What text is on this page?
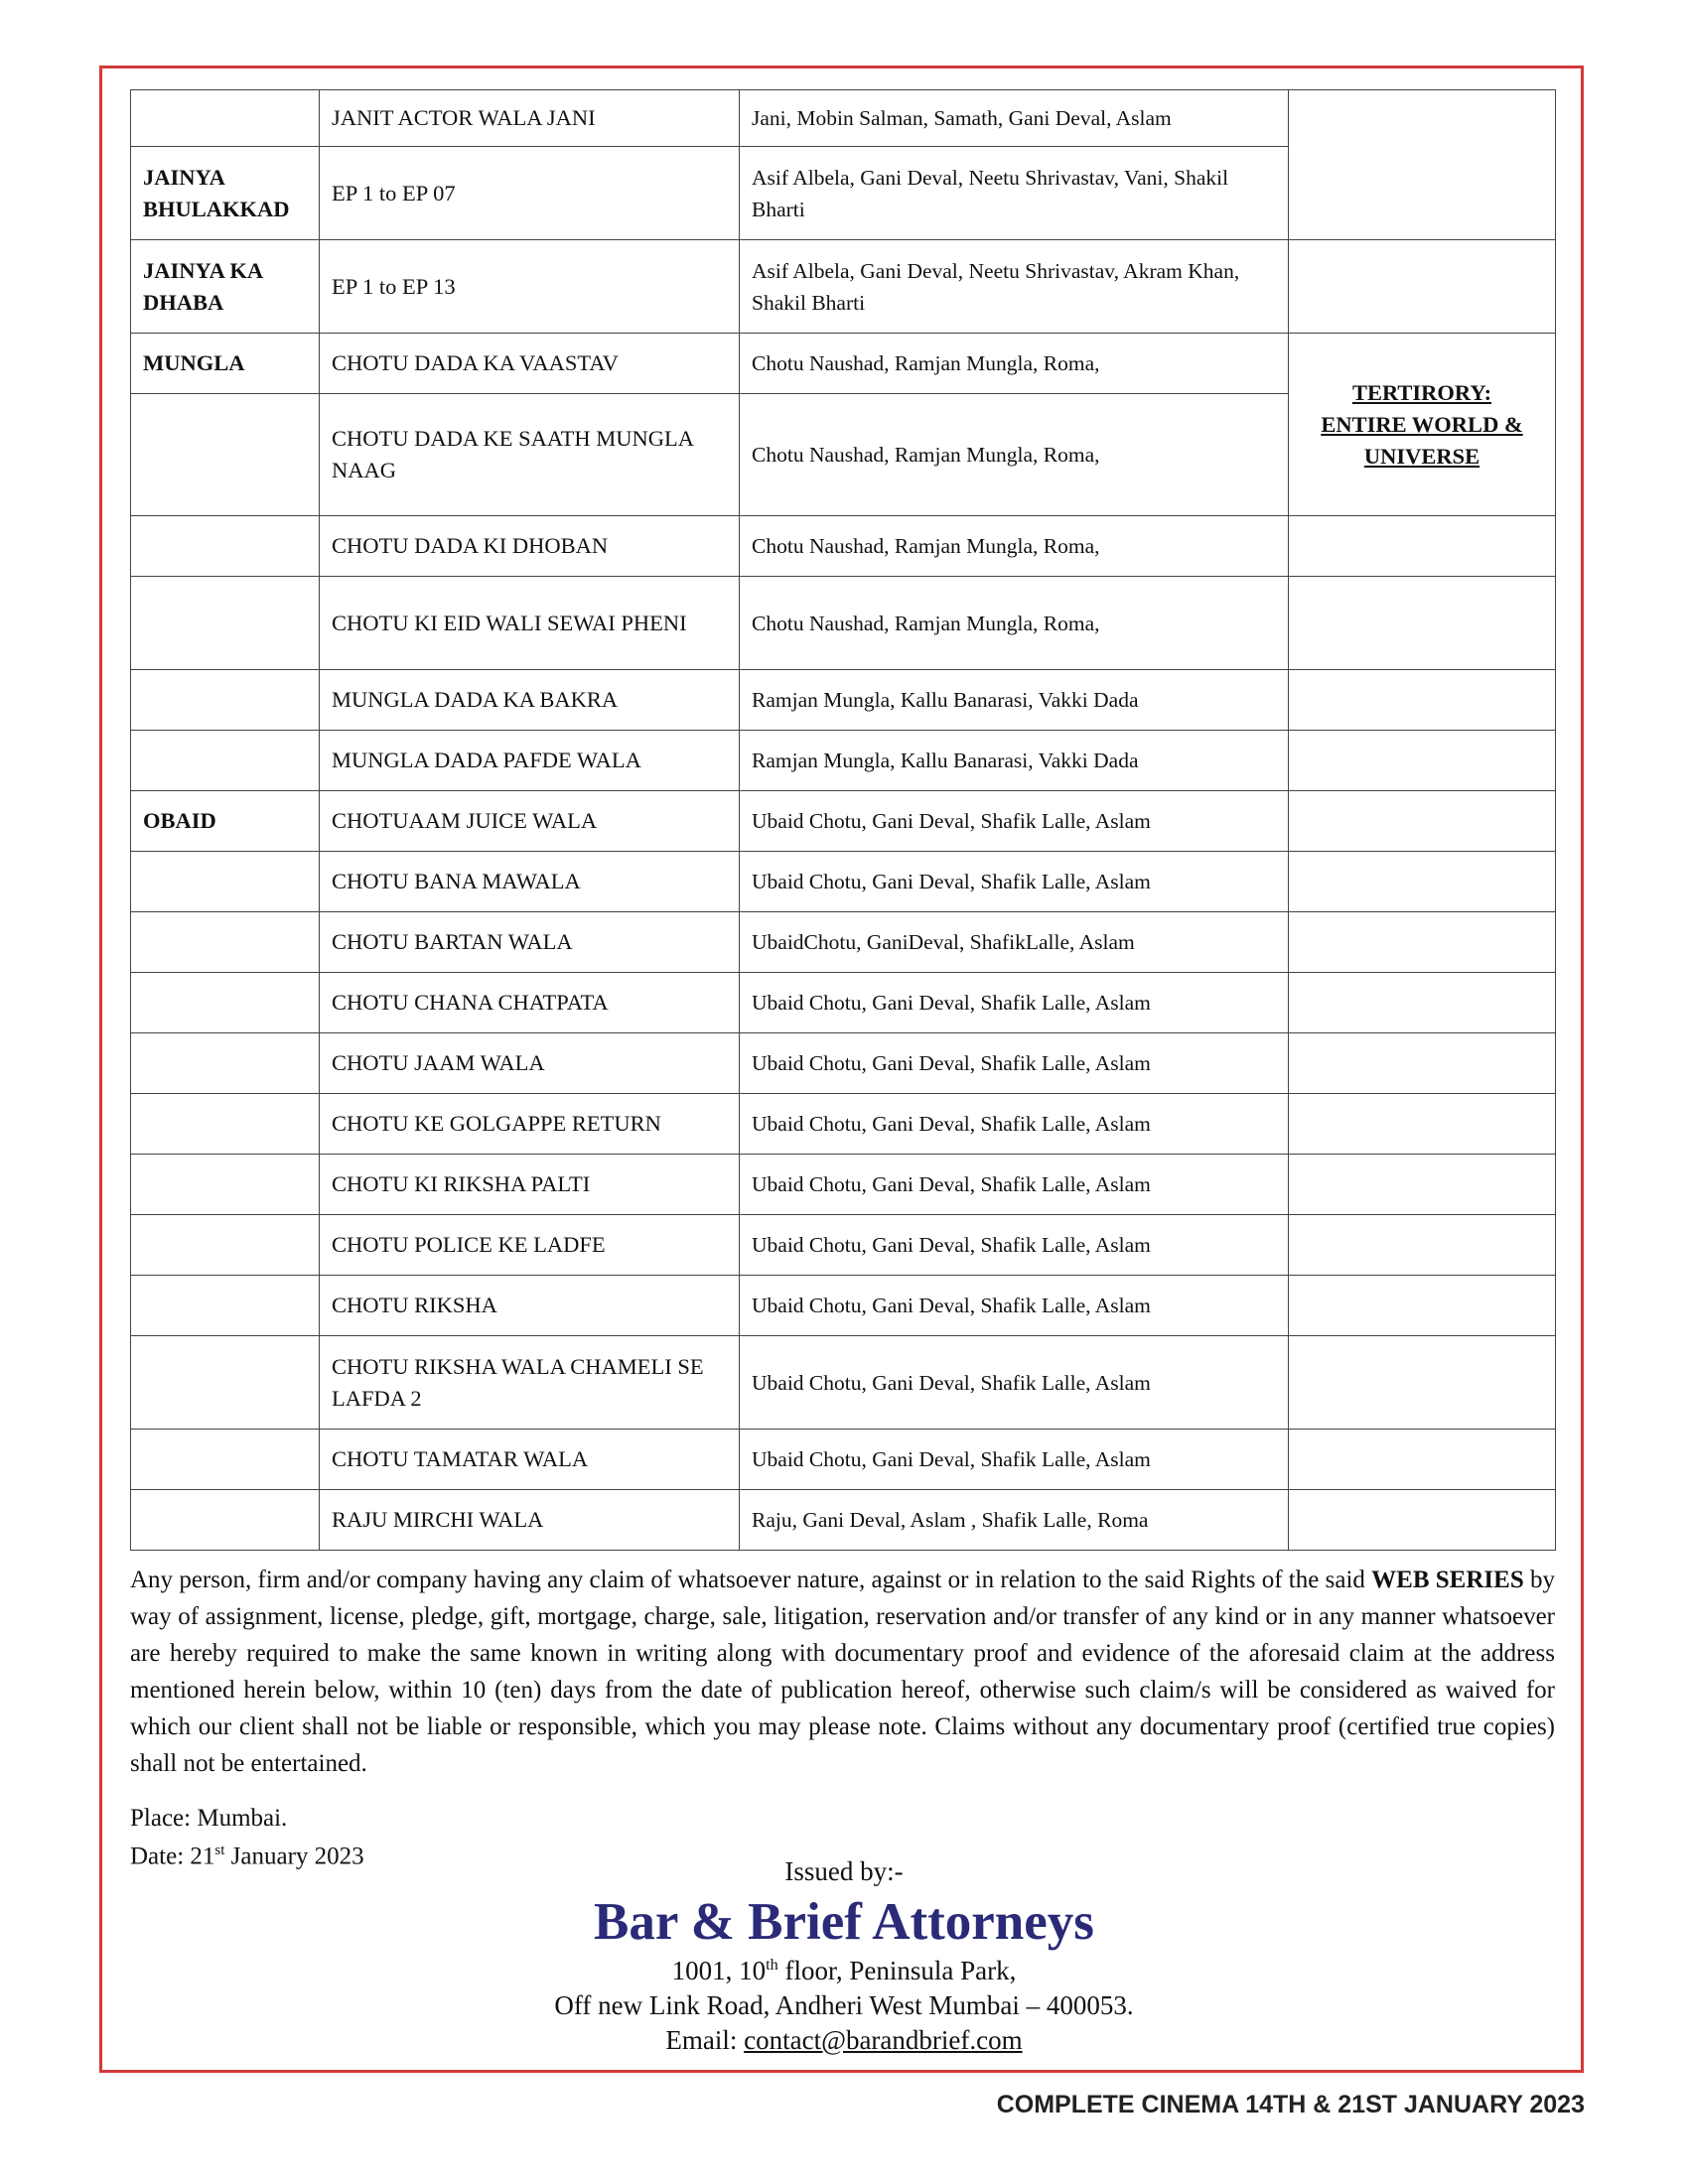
	JANIT ACTOR WALA JANI	Jani, Mobin Salman, Samath, Gani Deval, Aslam	
JAINYA BHULAKKAD	EP 1 to EP 07	Asif Albela, Gani Deval, Neetu Shrivastav, Vani, Shakil Bharti	
JAINYA KA DHABA	EP 1 to EP 13	Asif Albela, Gani Deval, Neetu Shrivastav, Akram Khan, Shakil Bharti	
MUNGLA	CHOTU DADA KA VAASTAV	Chotu Naushad, Ramjan Mungla, Roma,	TERTIRORY:
ENTIRE WORLD &
UNIVERSE

	CHOTU DADA KE SAATH MUNGLA NAAG	Chotu Naushad, Ramjan Mungla, Roma,	
	CHOTU DADA KI DHOBAN	Chotu Naushad, Ramjan Mungla, Roma,	
	CHOTU KI EID WALI SEWAI PHENI	Chotu Naushad, Ramjan Mungla, Roma,	
	MUNGLA DADA KA BAKRA	Ramjan Mungla, Kallu Banarasi, Vakki Dada	
	MUNGLA DADA PAFDE WALA	Ramjan Mungla, Kallu Banarasi, Vakki Dada	
OBAID	CHOTUAAM JUICE WALA	Ubaid Chotu, Gani Deval, Shafik Lalle, Aslam	
	CHOTU BANA MAWALA	Ubaid Chotu, Gani Deval, Shafik Lalle, Aslam	
	CHOTU BARTAN WALA	UbaidChotu, GaniDeval, ShafikLalle, Aslam	
	CHOTU CHANA CHATPATA	Ubaid Chotu, Gani Deval, Shafik Lalle, Aslam	
	CHOTU JAAM WALA	Ubaid Chotu, Gani Deval, Shafik Lalle, Aslam	
	CHOTU KE GOLGAPPE RETURN	Ubaid Chotu, Gani Deval, Shafik Lalle, Aslam	
	CHOTU KI RIKSHA PALTI	Ubaid Chotu, Gani Deval, Shafik Lalle, Aslam	
	CHOTU POLICE KE LADFE	Ubaid Chotu, Gani Deval, Shafik Lalle, Aslam	
	CHOTU RIKSHA	Ubaid Chotu, Gani Deval, Shafik Lalle, Aslam	
	CHOTU RIKSHA WALA CHAMELI SE LAFDA 2	Ubaid Chotu, Gani Deval, Shafik Lalle, Aslam	
	CHOTU TAMATAR WALA	Ubaid Chotu, Gani Deval, Shafik Lalle, Aslam	
	RAJU MIRCHI WALA	Raju, Gani Deval, Aslam , Shafik Lalle, Roma	
Any person, firm and/or company having any claim of whatsoever nature, against or in relation to the said Rights of the said WEB SERIES by way of assignment, license, pledge, gift, mortgage, charge, sale, litigation, reservation and/or transfer of any kind or in any manner whatsoever are hereby required to make the same known in writing along with documentary proof and evidence of the aforesaid claim at the address mentioned herein below, within 10 (ten) days from the date of publication hereof, otherwise such claim/s will be considered as waived for which our client shall not be liable or responsible, which you may please note. Claims without any documentary proof (certified true copies) shall not be entertained.
Place: Mumbai.
Date: 21st January 2023
Issued by:-
Bar & Brief Attorneys
1001, 10th floor, Peninsula Park,
Off new Link Road, Andheri West Mumbai – 400053.
Email: contact@barandbrief.com
COMPLETE CINEMA 14TH & 21ST JANUARY 2023
